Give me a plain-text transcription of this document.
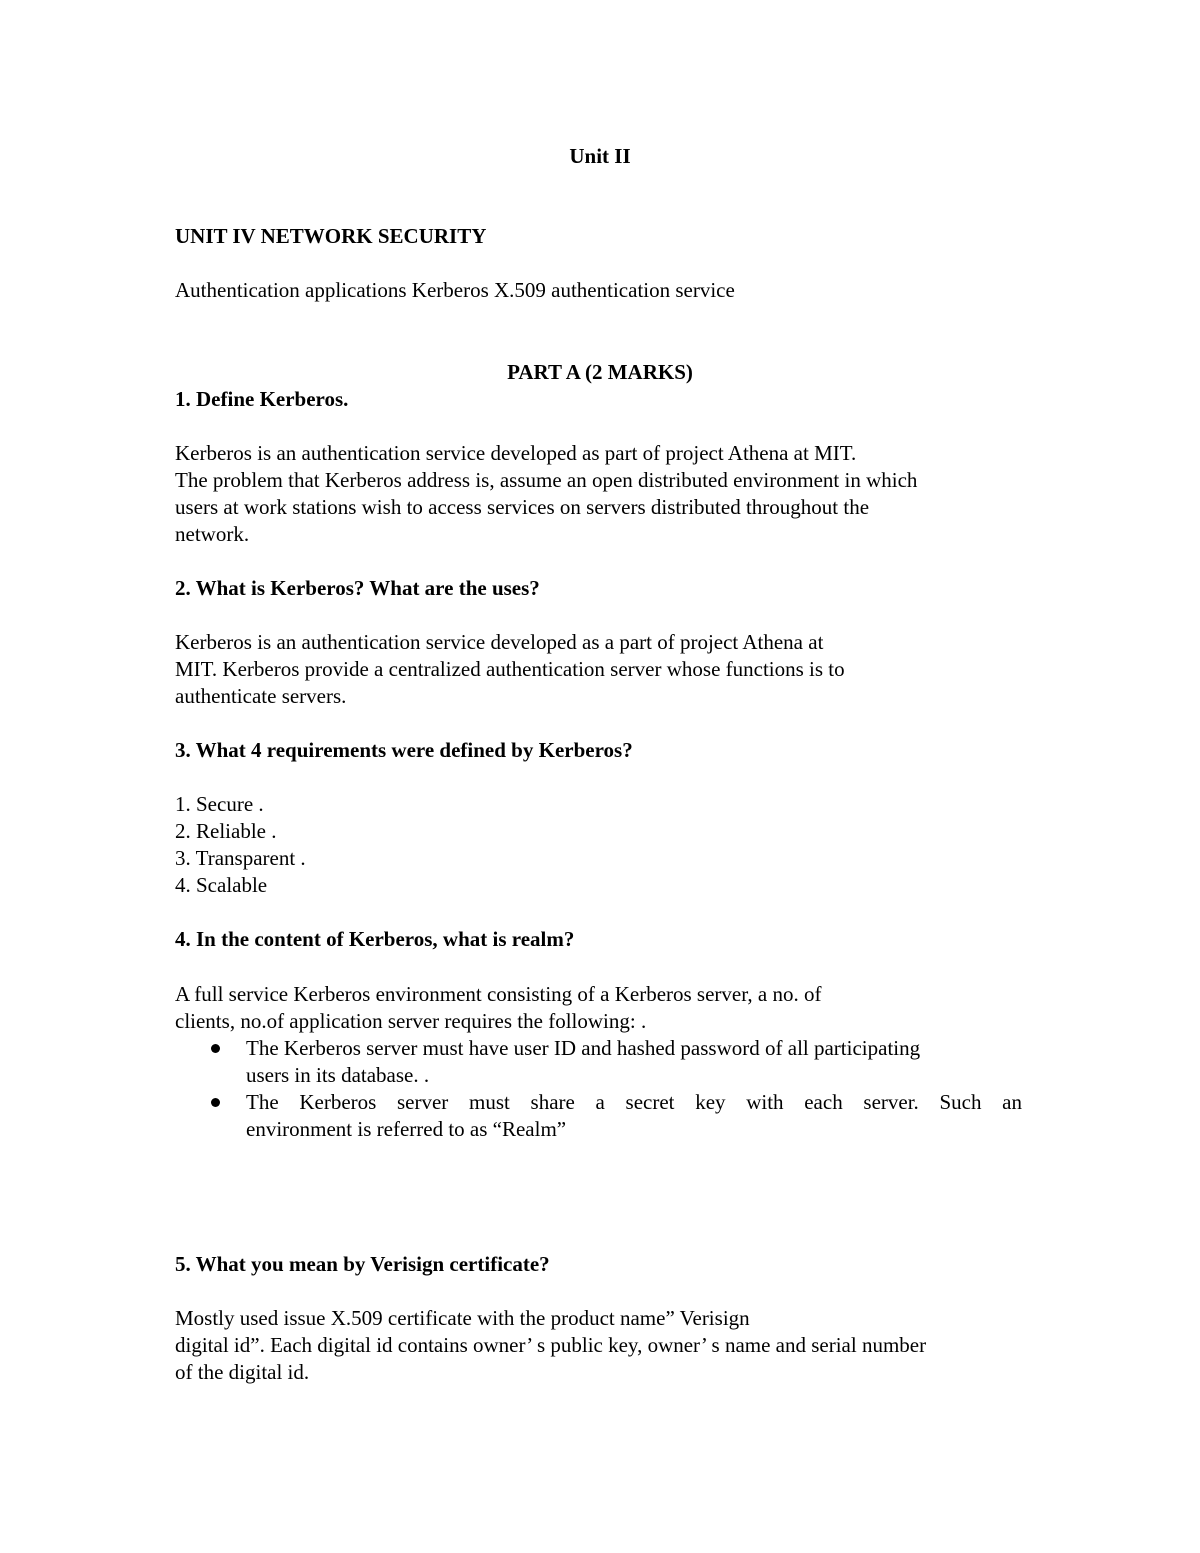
Unit II
UNIT IV NETWORK SECURITY
Authentication applications Kerberos X.509 authentication service
PART A (2 MARKS)
1. Define Kerberos.
Kerberos is an authentication service developed as part of project Athena at MIT.
The problem that Kerberos address is, assume an open distributed environment in which
users at work stations wish to access services on servers distributed throughout the
network.
2. What is Kerberos? What are the uses?
Kerberos is an authentication service developed as a part of project Athena at
MIT. Kerberos provide a centralized authentication server whose functions is to
authenticate servers.
3. What 4 requirements were defined by Kerberos?
1. Secure .
2. Reliable .
3. Transparent .
4. Scalable
4. In the content of Kerberos, what is realm?
A full service Kerberos environment consisting of a Kerberos server, a no. of
clients, no.of application server requires the following: .
The Kerberos server must have user ID and hashed password of all participating
users in its database. .
The Kerberos server must share a secret key with each server. Such an
environment is referred to as “Realm”
5. What you mean by Verisign certificate?
Mostly used issue X.509 certificate with the product name” Verisign
digital id”. Each digital id contains owner’ s public key, owner’ s name and serial number
of the digital id.
